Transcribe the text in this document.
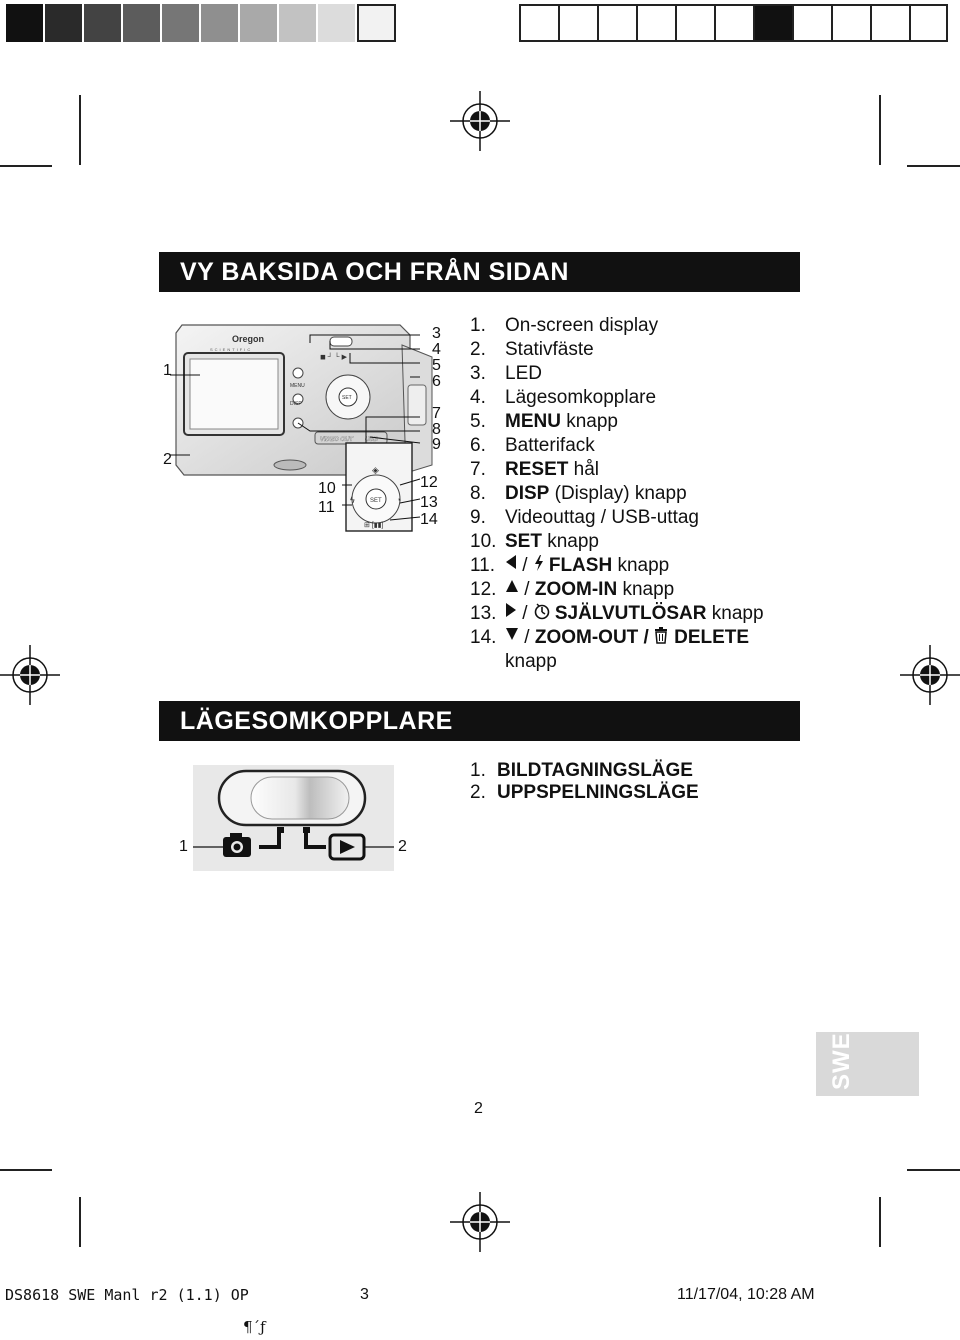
VY BAKSIDA OCH FRÅN SIDAN
Oregon
SCIENTIFIC
◼ ┘ └ ▶
MENU
DISP
SET
VIDEO OUT USB
SET
◈
ϟ	◔
⊞ [▮▮]
1
2
3
4
5
6
7
8
9
10
11
12
13
14
1.	On-screen display
2.	Stativfäste
3.	LED
4.	Lägesomkopplare
5.	MENU knapp
6.	Batterifack
7.	RESET hål
8.	DISP (Display) knapp
9.	Videouttag / USB-uttag
10. SET knapp
11.	/ FLASH knapp
12.	/ ZOOM-IN knapp
13.	/ SJÄLVUTLÖSAR knapp
14.	/ ZOOM-OUT / DELETE
knapp
LÄGESOMKOPPLARE
1	2
1. BILDTAGNINGSLÄGE
2. UPPSPELNINGSLÄGE
SWE
2
DS8618 SWE Manl r2 (1.1) OP	3	11/17/04, 10:28 AM
¶´ƒ
